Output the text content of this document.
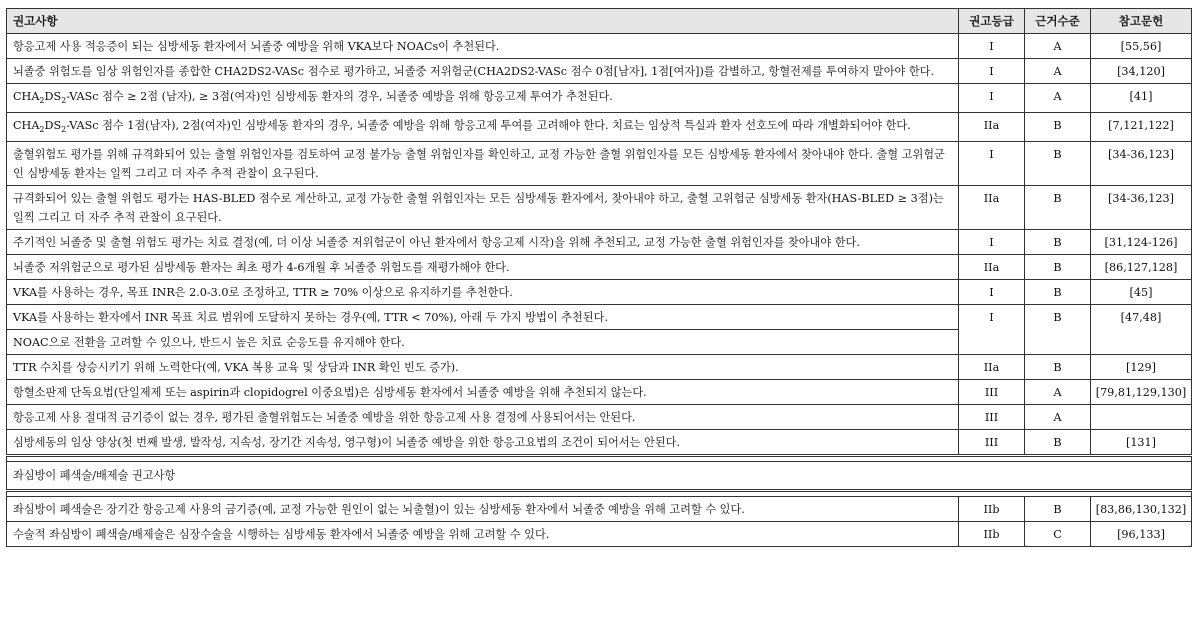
권고사항	권고등급	근거수준	참고문헌
항응고제 사용 적응증이 되는 심방세동 환자에서 뇌졸중 예방을 위해 VKA보다 NOACs이 추천된다.	I	A	[55,56]
뇌졸중 위험도를 임상 위험인자를 종합한 CHA2DS2-VASc 점수로 평가하고, 뇌졸중 저위험군(CHA2DS2-VASc 점수 0점[남자], 1점[여자])를 감별하고, 항혈전제를 투여하지 말아야 한다.	I	A	[34,120]
$CHA_2DS_2$-VASc 점수 ≥ 2점 (남자), ≥ 3점(여자)인 심방세동 환자의 경우, 뇌졸중 예방을 위해 항응고제 투여가 추천된다.	I	A	[41]
$CHA_2DS_2$-VASc 점수 1점(남자), 2점(여자)인 심방세동 환자의 경우, 뇌졸중 예방을 위해 항응고제 투여를 고려해야 한다. 치료는 임상적 특실과 환자 선호도에 따라 개별화되어야 한다.	IIa	B	[7,121,122]
출혈위험도 평가를 위해 규격화되어 있는 출혈 위험인자를 검토하여 교정 불가능 출혈 위험인자를 확인하고, 교정 가능한 출혈 위험인자를 모든 심방세동 환자에서 찾아내야 한다. 출혈 고위험군인 심방세동 환자는 일찍 그리고 더 자주 추적 관찰이 요구된다.	I	B	[34-36,123]
규격화되어 있는 출혈 위험도 평가는 HAS-BLED 점수로 계산하고, 교정 가능한 출혈 위험인자는 모든 심방세동 환자에서, 찾아내야 하고, 출혈 고위험군 심방세동 환자(HAS-BLED ≥ 3점)는 일찍 그리고 더 자주 추적 관찰이 요구된다.	IIa	B	[34-36,123]
주기적인 뇌졸중 및 출혈 위험도 평가는 치료 결정(예, 더 이상 뇌졸중 저위험군이 아닌 환자에서 항응고제 시작)을 위해 추천되고, 교정 가능한 출혈 위험인자를 찾아내야 한다.	I	B	[31,124-126]
뇌졸중 저위험군으로 평가된 심방세동 환자는 최초 평가 4-6개월 후 뇌졸중 위험도를 재평가해야 한다.	IIa	B	[86,127,128]
VKA를 사용하는 경우, 목표 INR은 2.0-3.0로 조정하고, TTR ≥ 70% 이상으로 유지하기를 추천한다.	I	B	[45]
VKA를 사용하는 환자에서 INR 목표 치료 범위에 도달하지 못하는 경우(예, TTR < 70%), 아래 두 가지 방법이 추천된다.	I	B	[47,48]
NOAC으로 전환을 고려할 수 있으나, 반드시 높은 치료 순응도를 유지해야 한다.			
TTR 수치를 상승시키기 위해 노력한다(예, VKA 복용 교육 및 상담과 INR 확인 빈도 증가).	IIa	B	[129]
항혈소판제 단독요법(단일제제 또는 aspirin과 clopidogrel 이중요법)은 심방세동 환자에서 뇌졸중 예방을 위해 추천되지 않는다.	III	A	[79,81,129,130]
항응고제 사용 절대적 금기증이 없는 경우, 평가된 출혈위험도는 뇌졸중 예방을 위한 항응고제 사용 결정에 사용되어서는 안된다.	III	A	
심방세동의 임상 양상(첫 번째 발생, 발작성, 지속성, 장기간 지속성, 영구형)이 뇌졸중 예방을 위한 항응고요법의 조건이 되어서는 안된다.	III	B	[131]

좌심방이 폐색술/배제술 권고사항			

좌심방이 폐색술은 장기간 항응고제 사용의 금기증(예, 교정 가능한 원인이 없는 뇌출혈)이 있는 심방세동 환자에서 뇌졸중 예방을 위해 고려할 수 있다.	IIb	B	[83,86,130,132]
수술적 좌심방이 폐색술/배제술은 심장수술을 시행하는 심방세동 환자에서 뇌졸중 예방을 위해 고려할 수 있다.	IIb	C	[96,133]
